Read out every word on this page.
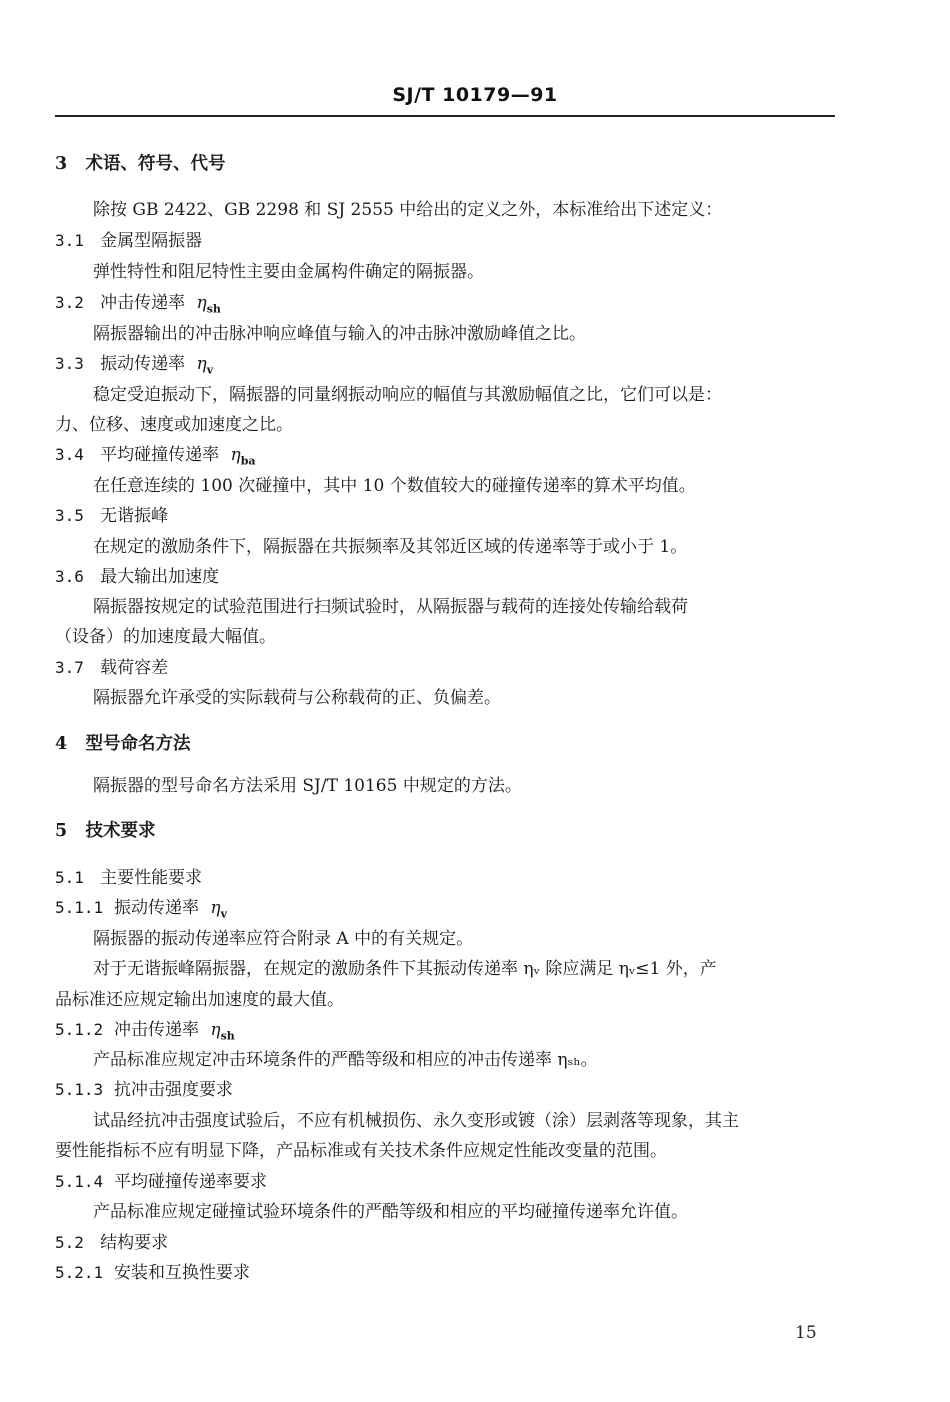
SJ/T 10179—91
3 术语、符号、代号
除按 GB 2422、GB 2298 和 SJ 2555 中给出的定义之外，本标准给出下述定义：
3.1 金属型隔振器
弹性特性和阻尼特性主要由金属构件确定的隔振器。
3.2 冲击传递率 $\eta_{sh}$
隔振器输出的冲击脉冲响应峰值与输入的冲击脉冲激励峰值之比。
3.3 振动传递率 $\eta_v$
稳定受迫振动下，隔振器的同量纲振动响应的幅值与其激励幅值之比，它们可以是：
力、位移、速度或加速度之比。
3.4 平均碰撞传递率 $\eta_{ba}$
在任意连续的 100 次碰撞中，其中 10 个数值较大的碰撞传递率的算术平均值。
3.5 无谐振峰
在规定的激励条件下，隔振器在共振频率及其邻近区域的传递率等于或小于 1。
3.6 最大输出加速度
隔振器按规定的试验范围进行扫频试验时，从隔振器与载荷的连接处传输给载荷
（设备）的加速度最大幅值。
3.7 载荷容差
隔振器允许承受的实际载荷与公称载荷的正、负偏差。
4 型号命名方法
隔振器的型号命名方法采用 SJ/T 10165 中规定的方法。
5 技术要求
5.1 主要性能要求
5.1.1 振动传递率 $\eta_v$
隔振器的振动传递率应符合附录 A 中的有关规定。
对于无谐振峰隔振器，在规定的激励条件下其振动传递率 ηᵥ 除应满足 ηᵥ≤1 外，产
品标准还应规定输出加速度的最大值。
5.1.2 冲击传递率 $\eta_{sh}$
产品标准应规定冲击环境条件的严酷等级和相应的冲击传递率 ηₛₕ。
5.1.3 抗冲击强度要求
试品经抗冲击强度试验后，不应有机械损伤、永久变形或镀（涂）层剥落等现象，其主
要性能指标不应有明显下降，产品标准或有关技术条件应规定性能改变量的范围。
5.1.4 平均碰撞传递率要求
产品标准应规定碰撞试验环境条件的严酷等级和相应的平均碰撞传递率允许值。
5.2 结构要求
5.2.1 安装和互换性要求
15
